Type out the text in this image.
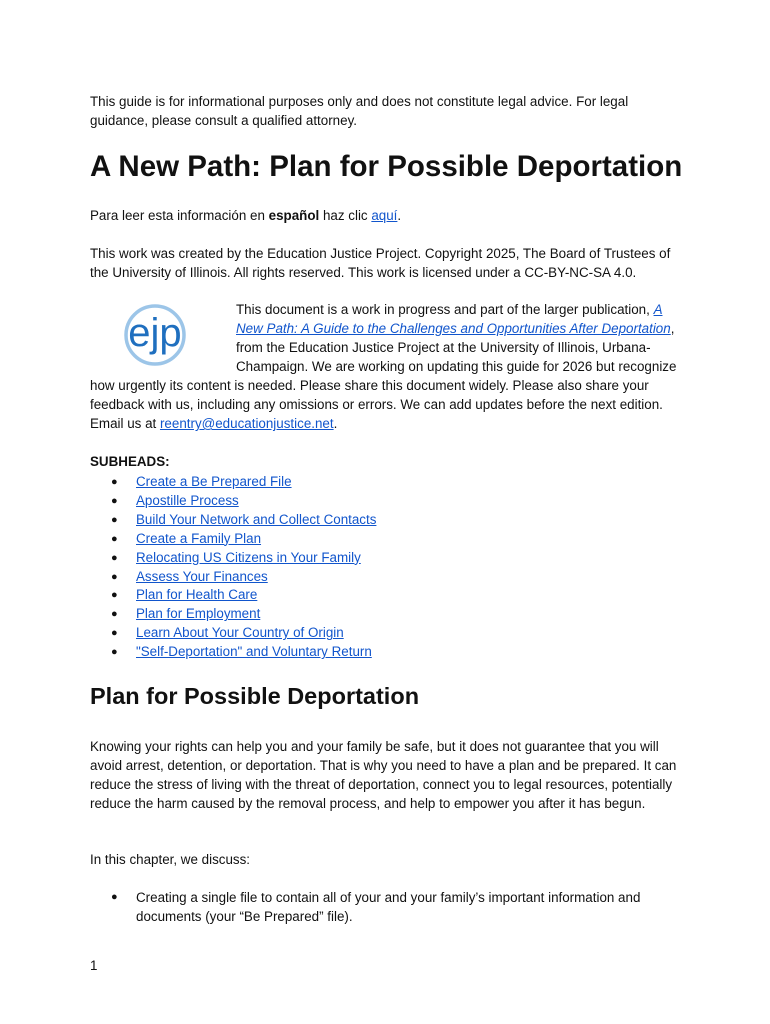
This guide is for informational purposes only and does not constitute legal advice. For legal guidance, please consult a qualified attorney.

A New Path: Plan for Possible Deportation

Para leer esta información en español haz clic aquí.

This work was created by the Education Justice Project. Copyright 2025, The Board of Trustees of the University of Illinois. All rights reserved. This work is licensed under a CC-BY-NC-SA 4.0.

This document is a work in progress and part of the larger publication, A New Path: A Guide to the Challenges and Opportunities After Deportation, from the Education Justice Project at the University of Illinois, Urbana-Champaign. We are working on updating this guide for 2026 but recognize how urgently its content is needed. Please share this document widely. Please also share your feedback with us, including any omissions or errors. We can add updates before the next edition. Email us at reentry@educationjustice.net.
ejp
SUBHEADS:
● Create a Be Prepared File
● Apostille Process
● Build Your Network and Collect Contacts
● Create a Family Plan
● Relocating US Citizens in Your Family
● Assess Your Finances
● Plan for Health Care
● Plan for Employment
● Learn About Your Country of Origin
● "Self-Deportation" and Voluntary Return
Plan for Possible Deportation

Knowing your rights can help you and your family be safe, but it does not guarantee that you will avoid arrest, detention, or deportation. That is why you need to have a plan and be prepared. It can reduce the stress of living with the threat of deportation, connect you to legal resources, potentially reduce the harm caused by the removal process, and help to empower you after it has begun.

In this chapter, we discuss:

● Creating a single file to contain all of your and your family’s important information and documents (your “Be Prepared” file).
1
